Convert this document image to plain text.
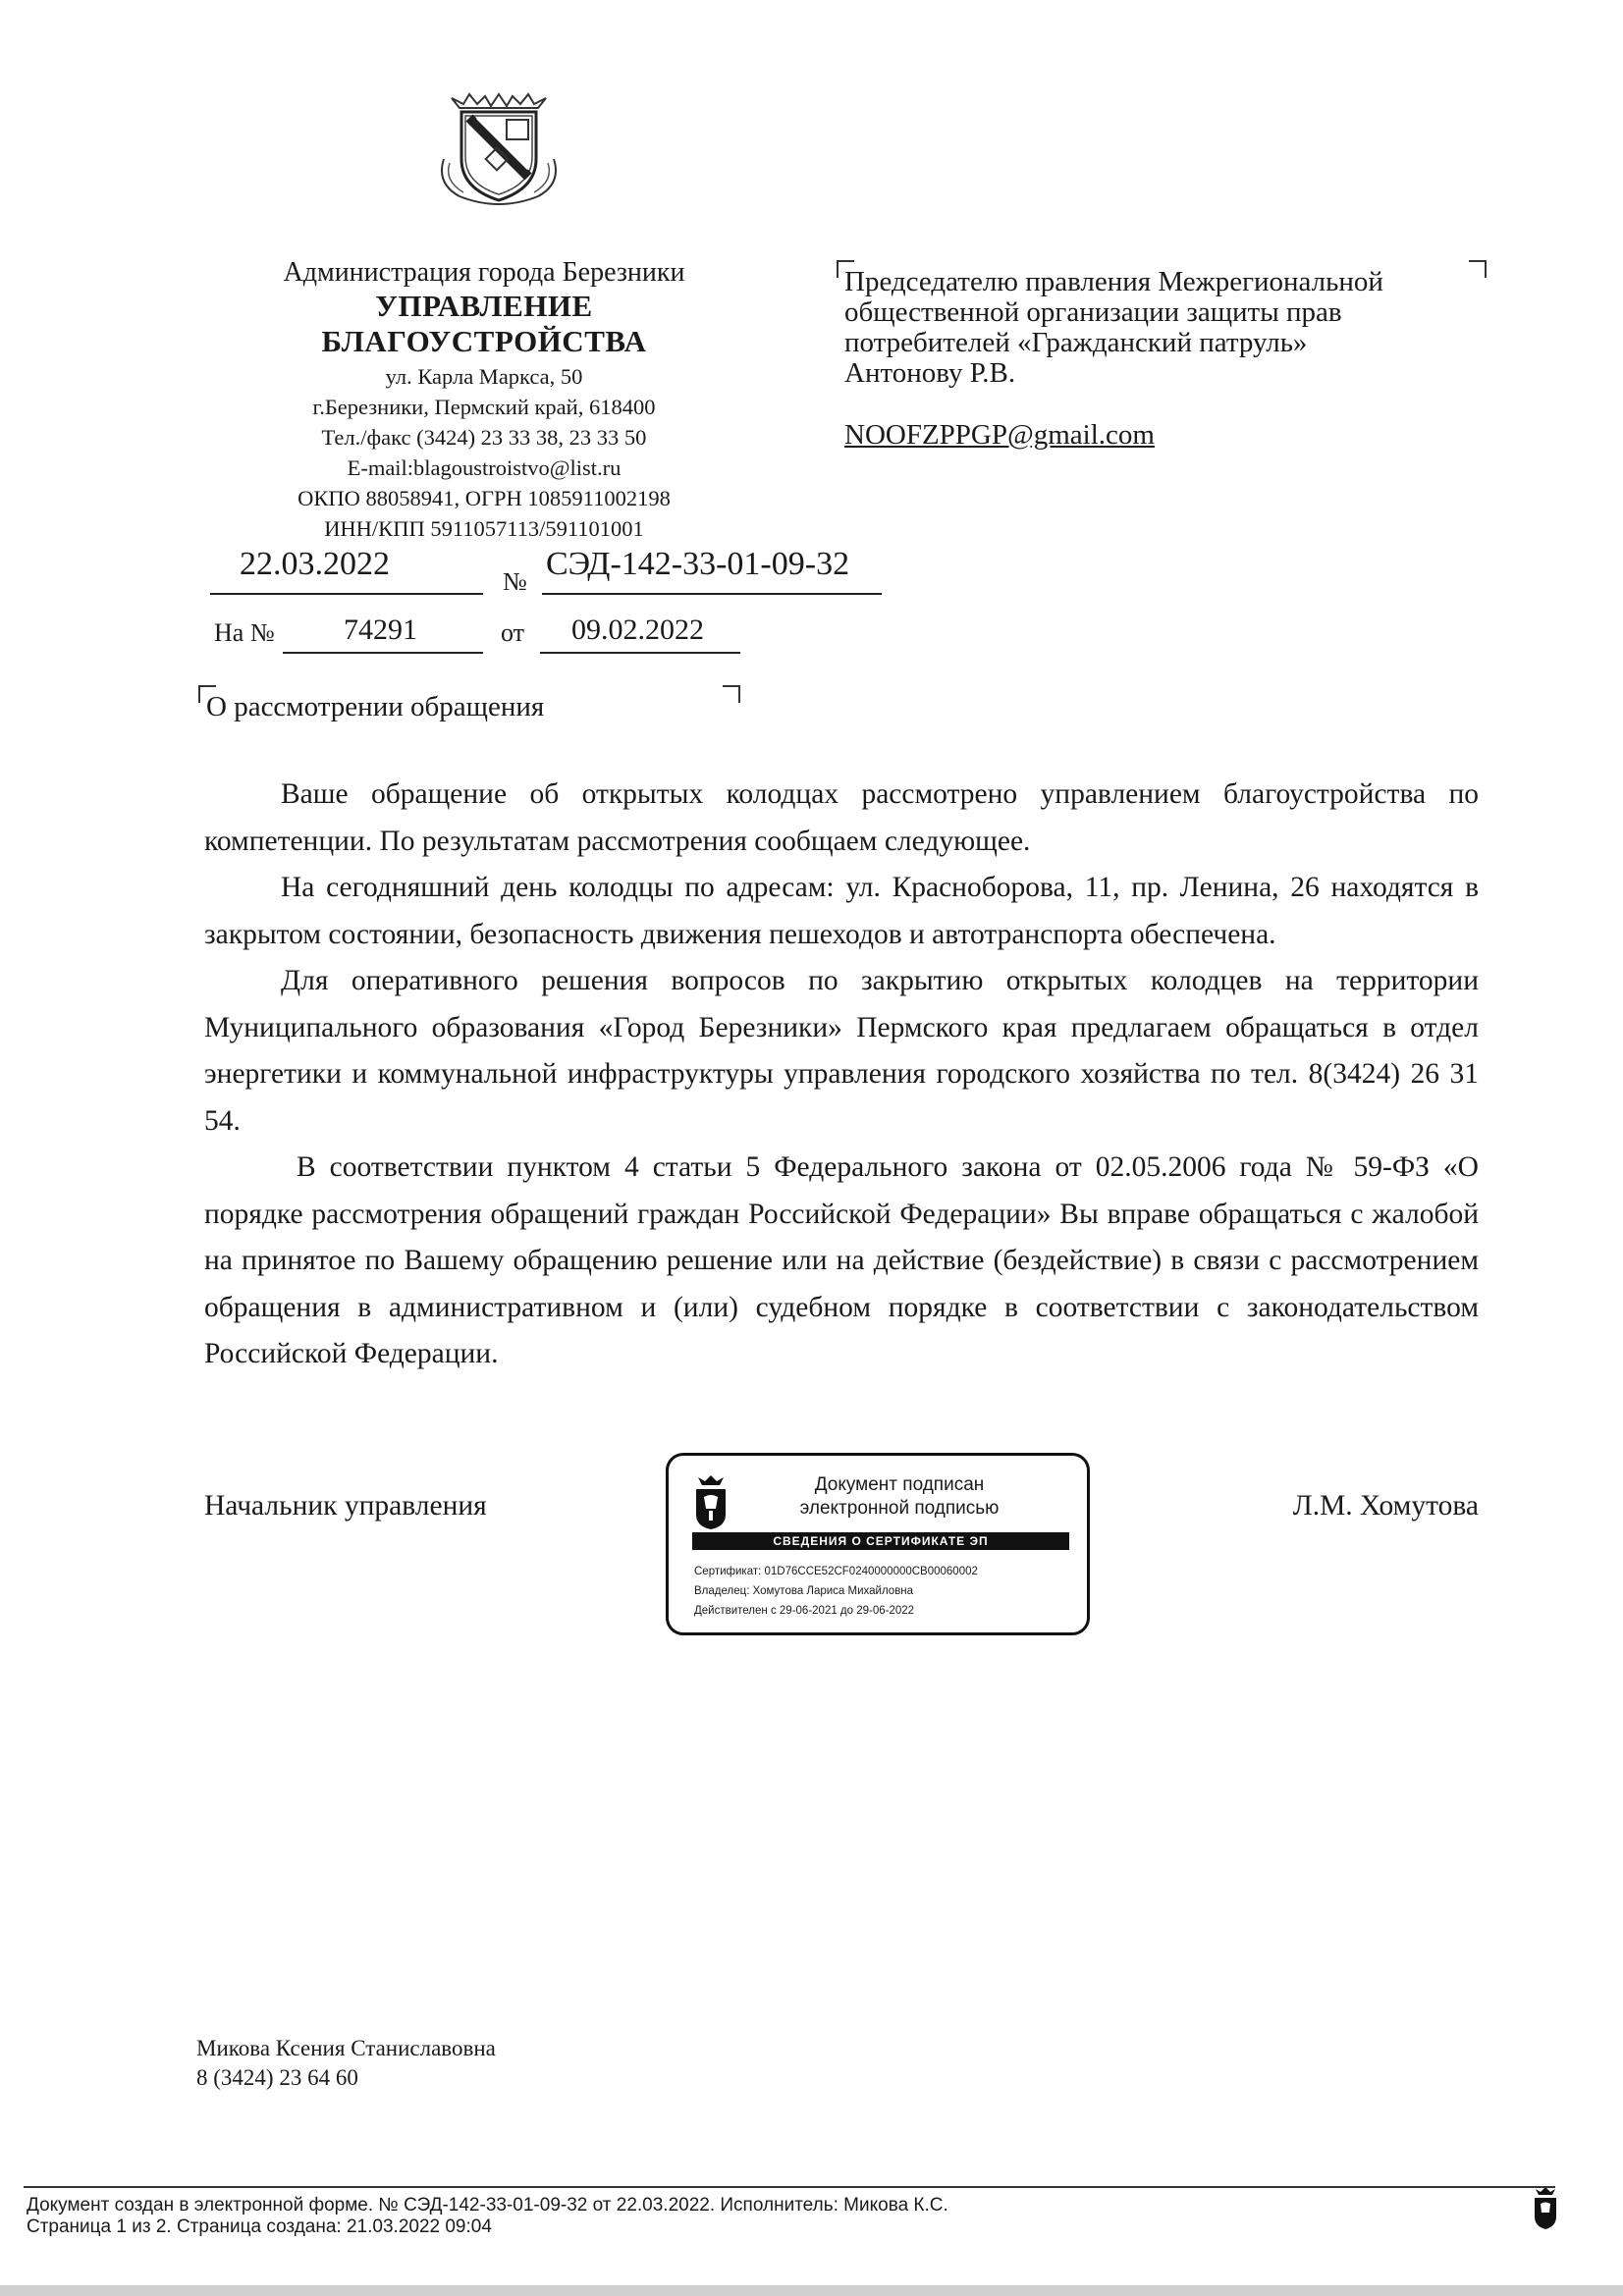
Администрация города Березники
УПРАВЛЕНИЕ
БЛАГОУСТРОЙСТВА
ул. Карла Маркса, 50
г.Березники, Пермский край, 618400
Тел./факс (3424) 23 33 38, 23 33 50
E-mail:blagoustroistvo@list.ru
ОКПО 88058941, ОГРН 1085911002198
ИНН/КПП 5911057113/591101001
Председателю правления Межрегиональной
общественной организации защиты прав
потребителей «Гражданский патруль»
Антонову Р.В.
NOOFZPPGP@gmail.com
22.03.2022	№ СЭД-142-33-01-09-32
На № 74291	от 09.02.2022
О рассмотрении обращения

Ваше обращение об открытых колодцах рассмотрено управлением благоустройства по компетенции. По результатам рассмотрения сообщаем следующее.

На сегодняшний день колодцы по адресам: ул. Красноборова, 11, пр. Ленина, 26 находятся в закрытом состоянии, безопасность движения пешеходов и автотранспорта обеспечена.

Для оперативного решения вопросов по закрытию открытых колодцев на территории Муниципального образования «Город Березники» Пермского края предлагаем обращаться в отдел энергетики и коммунальной инфраструктуры управления городского хозяйства по тел. 8(3424) 26 31 54.

В соответствии пунктом 4 статьи 5 Федерального закона от 02.05.2006 года № 59-ФЗ «О порядке рассмотрения обращений граждан Российской Федерации» Вы вправе обращаться с жалобой на принятое по Вашему обращению решение или на действие (бездействие) в связи с рассмотрением обращения в административном и (или) судебном порядке в соответствии с законодательством Российской Федерации.

Начальник управления	Л.М. Хомутова
Документ подписан
электронной подписью
СВЕДЕНИЯ О СЕРТИФИКАТЕ ЭП
Сертификат: 01D76CCE52CF0240000000CB00060002
Владелец: Хомутова Лариса Михайловна
Действителен с 29-06-2021 до 29-06-2022
Микова Ксения Станиславовна
8 (3424) 23 64 60
Документ создан в электронной форме. № СЭД-142-33-01-09-32 от 22.03.2022. Исполнитель: Микова К.С.
Страница 1 из 2. Страница создана: 21.03.2022 09:04
